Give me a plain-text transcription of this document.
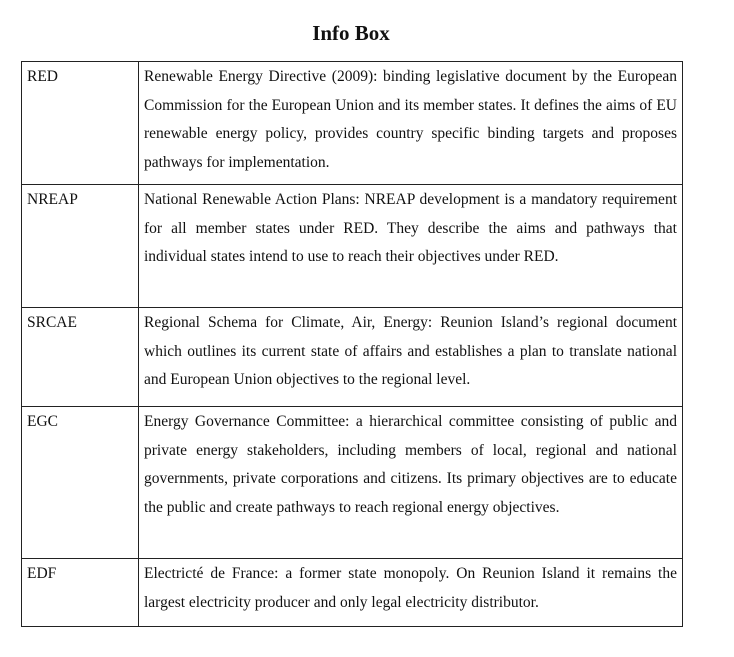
Info Box
RED	Renewable Energy Directive (2009): binding legislative document by the European Commission for the European Union and its member states. It defines the aims of EU renewable energy policy, provides country specific binding targets and proposes pathways for implementation.
NREAP	National Renewable Action Plans: NREAP development is a mandatory requirement for all member states under RED. They describe the aims and pathways that individual states intend to use to reach their objectives under RED.
SRCAE	Regional Schema for Climate, Air, Energy: Reunion Island’s regional document which outlines its current state of affairs and establishes a plan to translate national and European Union objectives to the regional level.
EGC	Energy Governance Committee: a hierarchical committee consisting of public and private energy stakeholders, including members of local, regional and national governments, private corporations and citizens. Its primary objectives are to educate the public and create pathways to reach regional energy objectives.
EDF	Electricté de France: a former state monopoly. On Reunion Island it remains the largest electricity producer and only legal electricity distributor.
